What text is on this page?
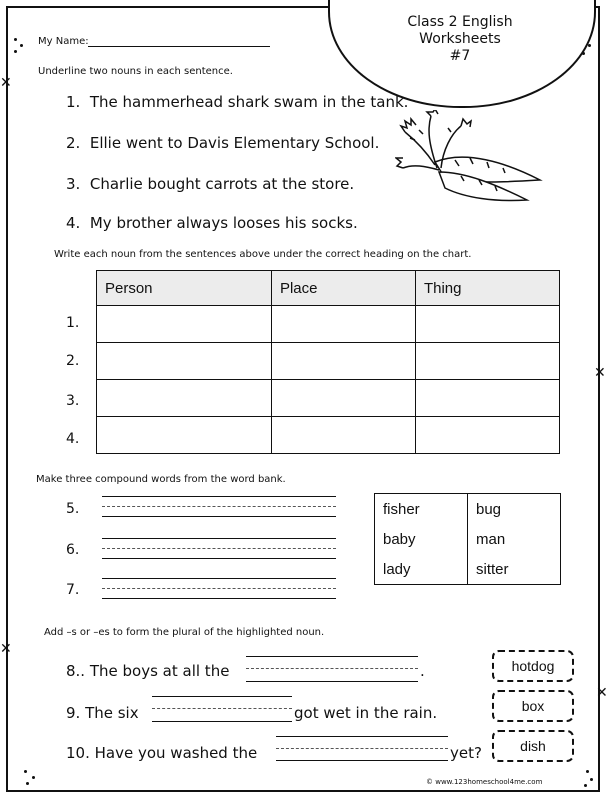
✕
✕
✕
✕
Class 2 English
Worksheets
#7
My Name:
Underline two nouns in each sentence.
1. The hammerhead shark swam in the tank.
2. Ellie went to Davis Elementary School.
3. Charlie bought carrots at the store.
4. My brother always looses his socks.
Write each noun from the sentences above under the correct heading on the chart.
Person	Place	Thing

1.
2.
3.
4.
Make three compound words from the word bank.
5.
6.
7.
fisher	bug
baby	man
lady	sitter
Add –s or –es to form the plural of the highlighted noun.
8.. The boys at all the	.
9. The six	got wet in the rain.
10. Have you washed the	yet?
hotdog
box
dish
© www.123homeschool4me.com
